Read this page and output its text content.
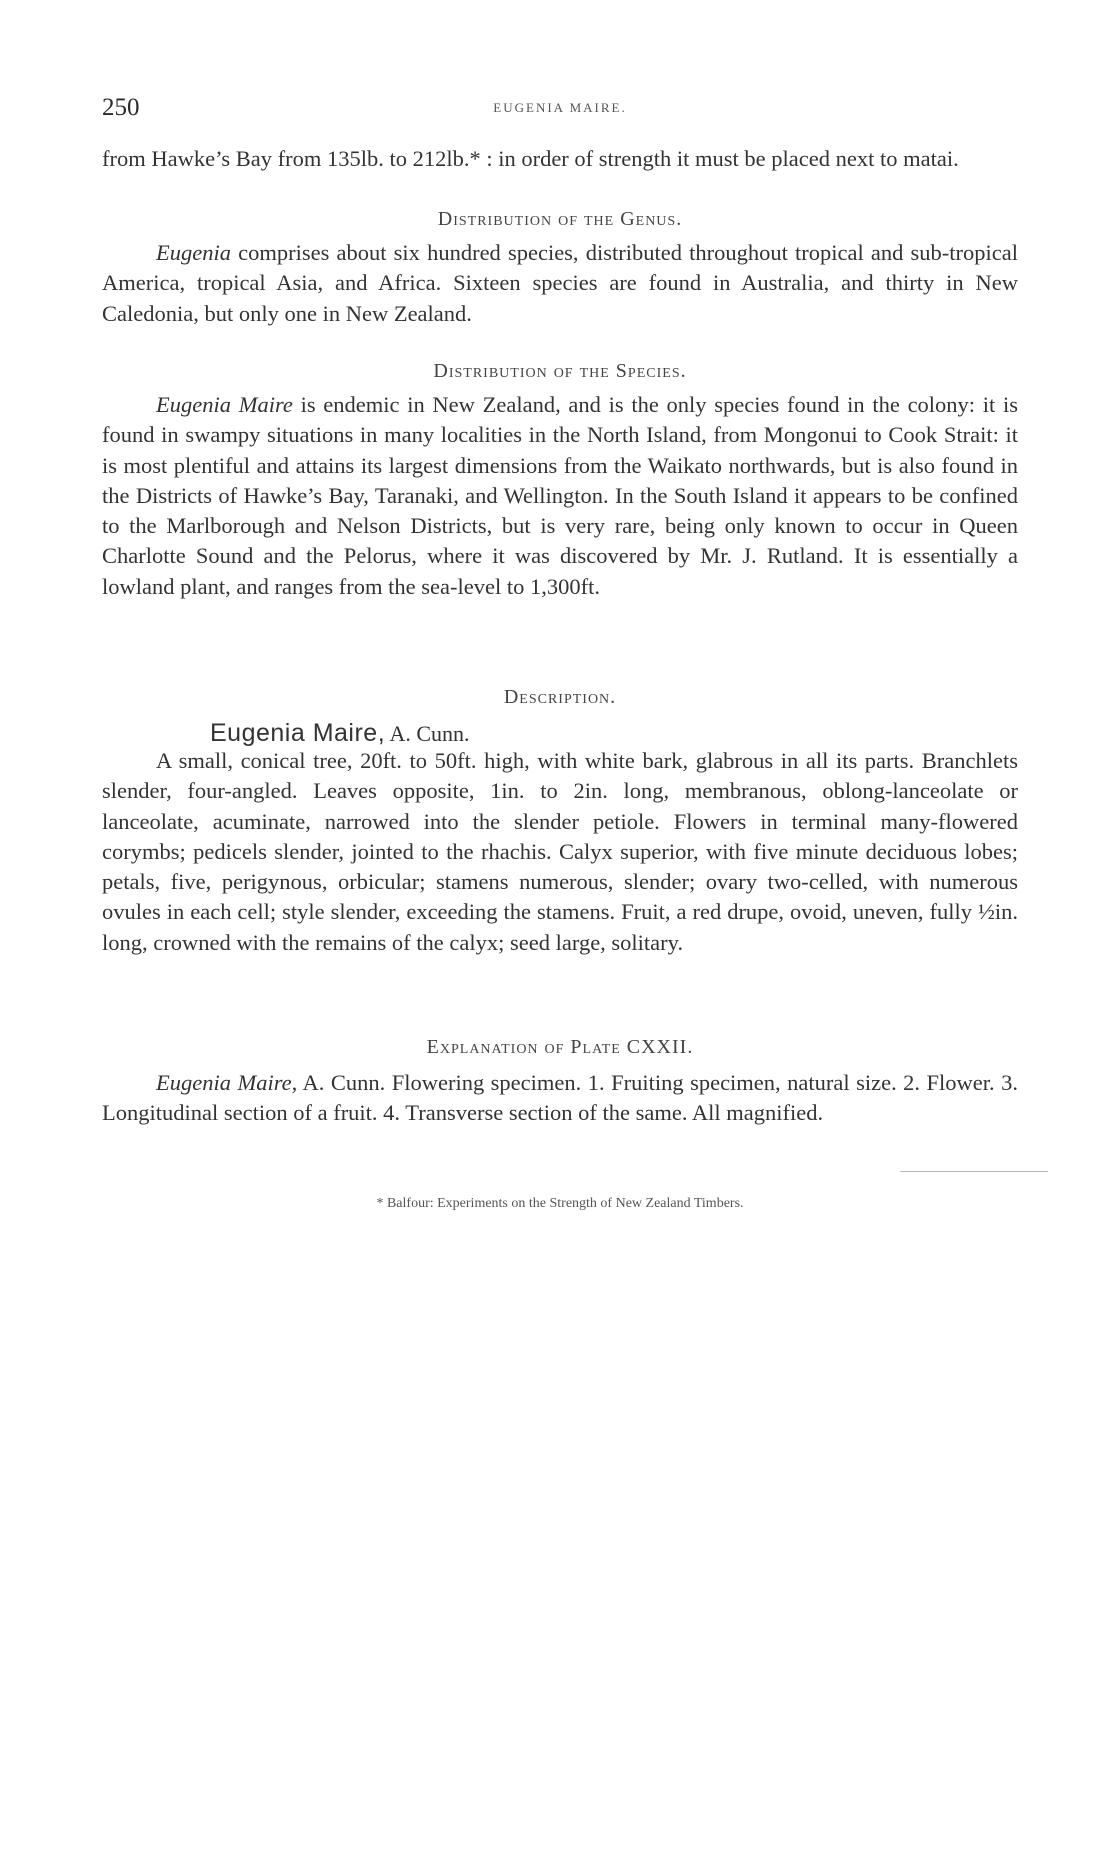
250	EUGENIA MAIRE.

from Hawke’s Bay from 135lb. to 212lb.* : in order of strength it must be placed next to matai.

Distribution of the Genus.

Eugenia comprises about six hundred species, distributed throughout tropical and sub-tropical America, tropical Asia, and Africa. Sixteen species are found in Australia, and thirty in New Caledonia, but only one in New Zealand.

Distribution of the Species.

Eugenia Maire is endemic in New Zealand, and is the only species found in the colony: it is found in swampy situations in many localities in the North Island, from Mongonui to Cook Strait: it is most plentiful and attains its largest dimensions from the Waikato northwards, but is also found in the Districts of Hawke’s Bay, Taranaki, and Wellington. In the South Island it appears to be confined to the Marlborough and Nelson Districts, but is very rare, being only known to occur in Queen Charlotte Sound and the Pelorus, where it was discovered by Mr. J. Rutland. It is essentially a lowland plant, and ranges from the sea-level to 1,300ft.

Description.
Eugenia Maire, A. Cunn.

A small, conical tree, 20ft. to 50ft. high, with white bark, glabrous in all its parts. Branchlets slender, four-angled. Leaves opposite, 1in. to 2in. long, membranous, oblong-lanceolate or lanceolate, acuminate, narrowed into the slender petiole. Flowers in terminal many-flowered corymbs; pedicels slender, jointed to the rhachis. Calyx superior, with five minute deciduous lobes; petals, five, perigynous, orbicular; stamens numerous, slender; ovary two-celled, with numerous ovules in each cell; style slender, exceeding the stamens. Fruit, a red drupe, ovoid, uneven, fully ½in. long, crowned with the remains of the calyx; seed large, solitary.

Explanation of Plate CXXII.

Eugenia Maire, A. Cunn. Flowering specimen. 1. Fruiting specimen, natural size. 2. Flower. 3. Longitudinal section of a fruit. 4. Transverse section of the same. All magnified.

* Balfour: Experiments on the Strength of New Zealand Timbers.
